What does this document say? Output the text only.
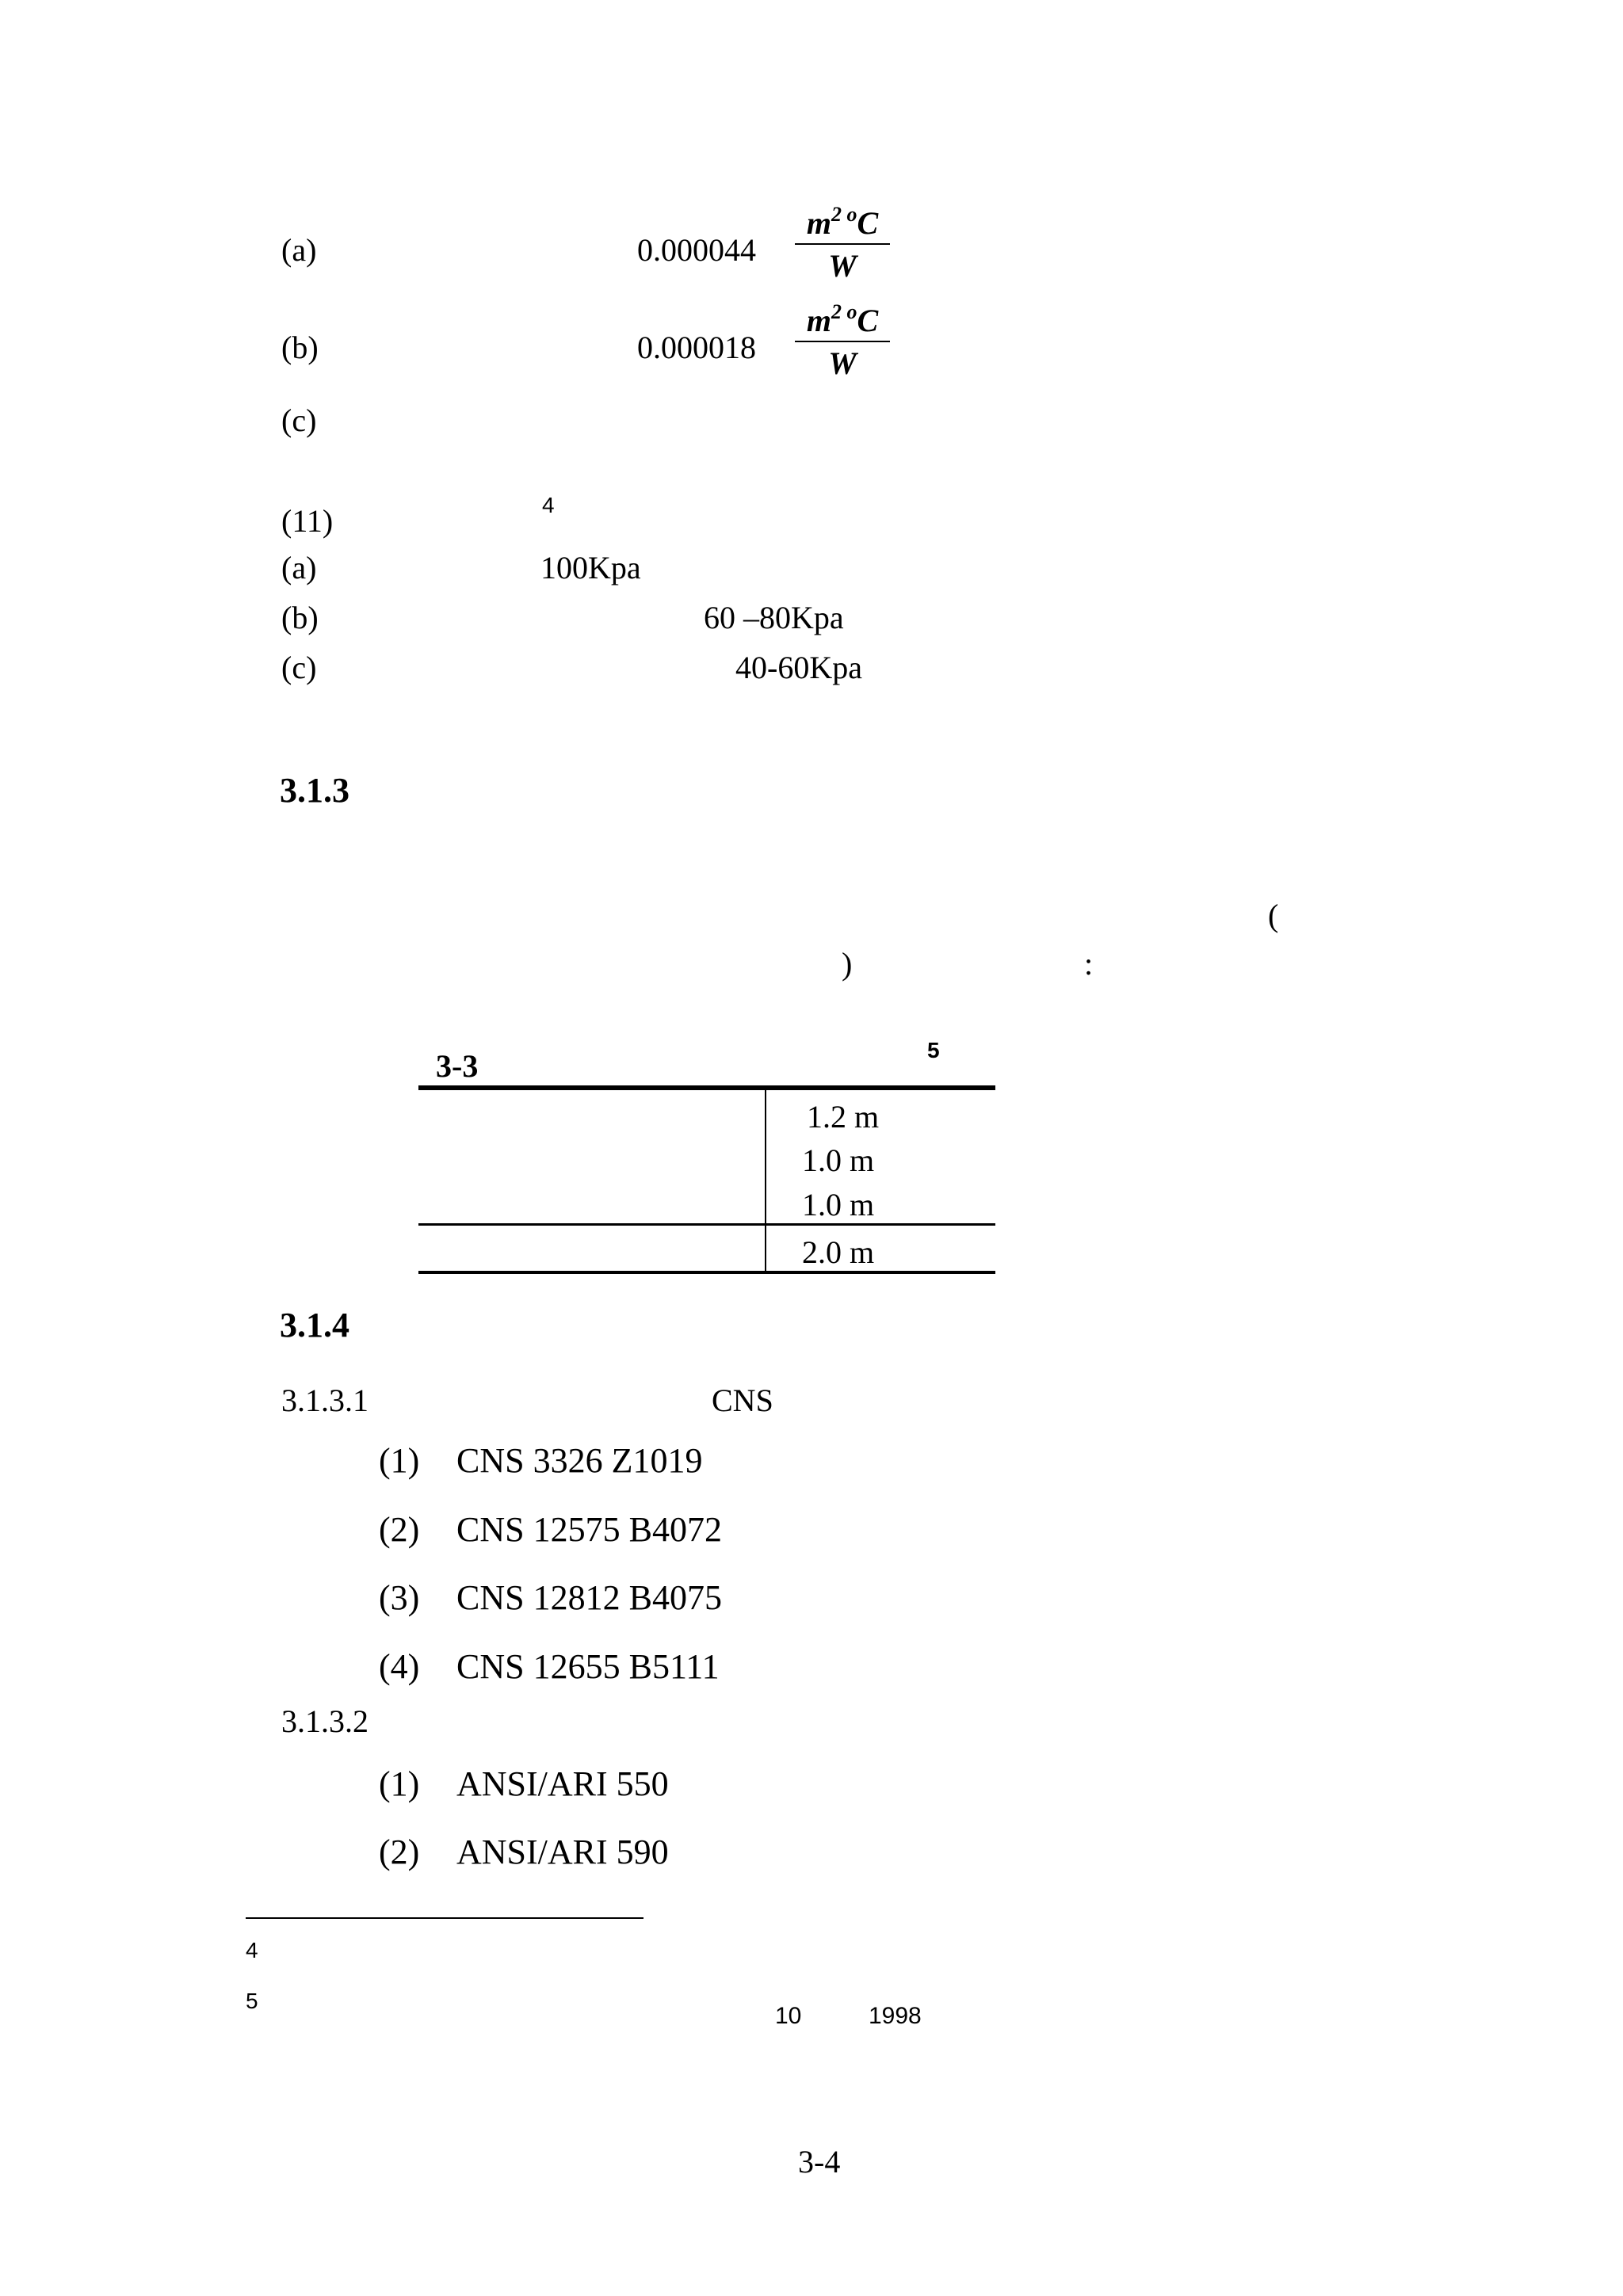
(a)	0.000044
$m^{2 o}C$
W
(b)	0.000018
$m^{2 o}C$
W
(c)
(11)	4
(a)	100Kpa
(b)	60 –80Kpa
(c)	40-60Kpa
3.1.3
(
)	:
3-3	5
1.2 m
1.0 m
1.0 m
2.0 m
3.1.4
3.1.3.1	CNS
(1) CNS 3326 Z1019
(2) CNS 12575 B4072
(3) CNS 12812 B4075
(4) CNS 12655 B5111
3.1.3.2
(1) ANSI/ARI 550
(2) ANSI/ARI 590
4
5
10	1998
3-4
